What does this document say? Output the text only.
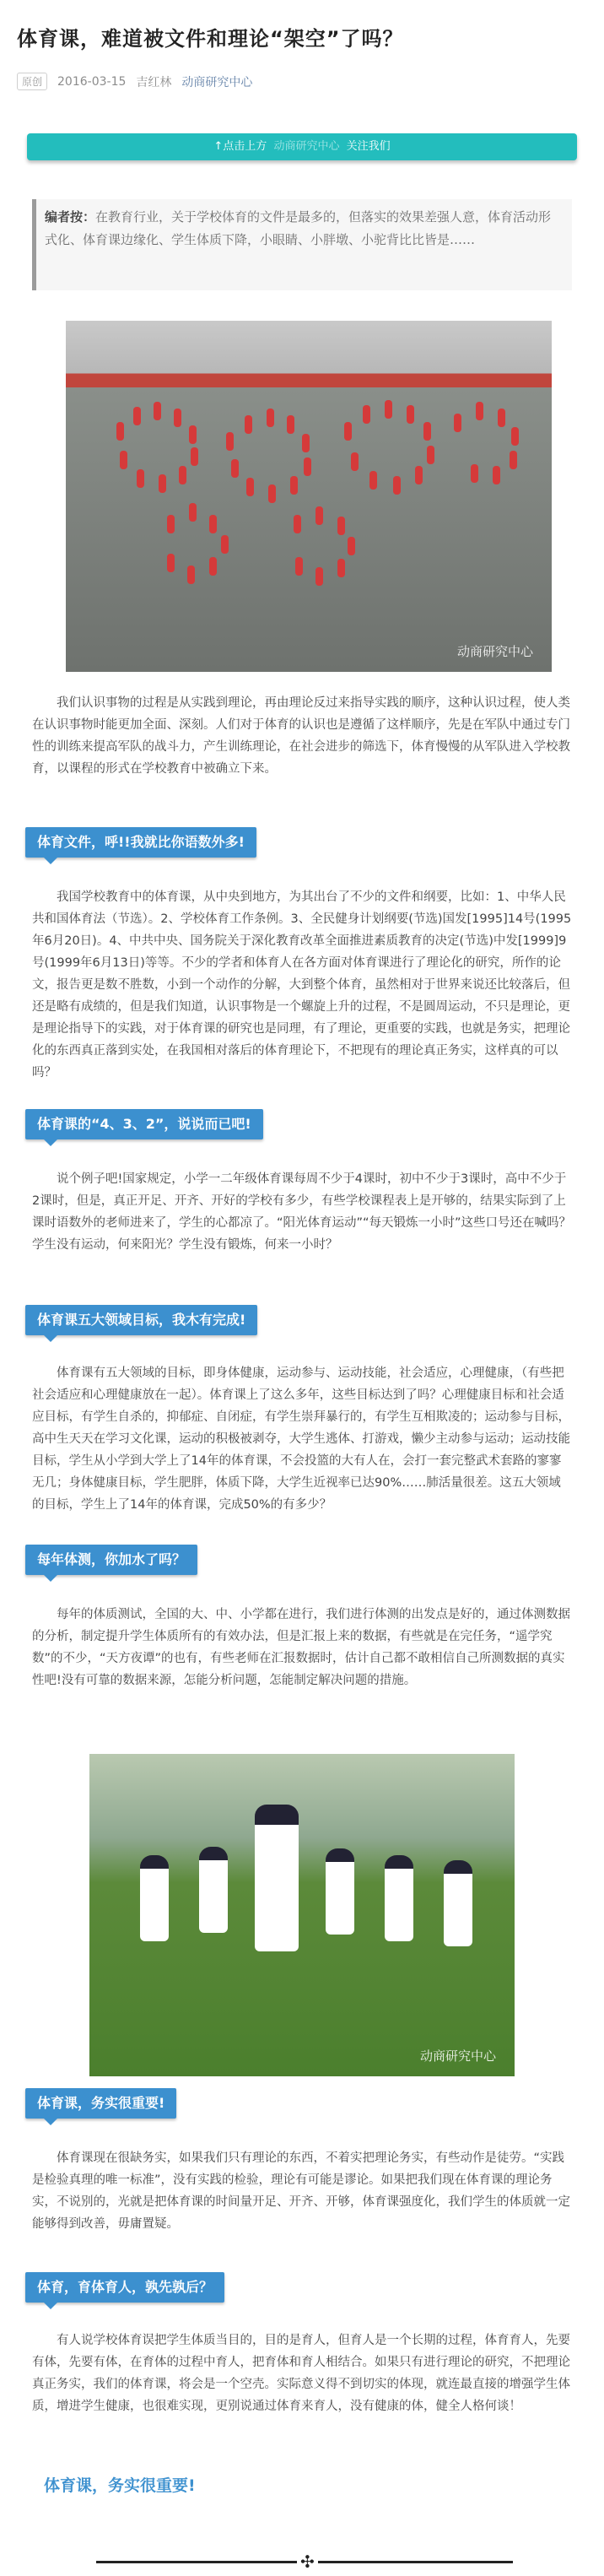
体育课，难道被文件和理论“架空”了吗？
原创	2016-03-15 吉红林 动商研究中心
↑点击上方 动商研究中心 关注我们
编者按：在教育行业，关于学校体育的文件是最多的，但落实的效果差强人意，体育活动形式化、体育课边缘化、学生体质下降，小眼睛、小胖墩、小驼背比比皆是……
动商研究中心
我们认识事物的过程是从实践到理论，再由理论反过来指导实践的顺序，这种认识过程，使人类在认识事物时能更加全面、深刻。人们对于体育的认识也是遵循了这样顺序，先是在军队中通过专门性的训练来提高军队的战斗力，产生训练理论，在社会进步的筛选下，体育慢慢的从军队进入学校教育，以课程的形式在学校教育中被确立下来。
体育文件，呼!!我就比你语数外多!
我国学校教育中的体育课，从中央到地方，为其出台了不少的文件和纲要，比如：1、中华人民共和国体育法（节选）。2、学校体育工作条例。3、全民健身计划纲要(节选)国发[1995]14号(1995年6月20日)。4、中共中央、国务院关于深化教育改革全面推进素质教育的决定(节选)中发[1999]9号(1999年6月13日)等等。不少的学者和体育人在各方面对体育课进行了理论化的研究，所作的论文，报告更是数不胜数，小到一个动作的分解，大到整个体育，虽然相对于世界来说还比较落后，但还是略有成绩的，但是我们知道，认识事物是一个螺旋上升的过程，不是圆周运动，不只是理论，更是理论指导下的实践，对于体育课的研究也是同理，有了理论，更重要的实践，也就是务实，把理论化的东西真正落到实处，在我国相对落后的体育理论下，不把现有的理论真正务实，这样真的可以吗？
体育课的“4、3、2”，说说而已吧!
说个例子吧!国家规定，小学一二年级体育课每周不少于4课时，初中不少于3课时，高中不少于2课时，但是，真正开足、开齐、开好的学校有多少，有些学校课程表上是开够的，结果实际到了上课时语数外的老师进来了，学生的心都凉了。“阳光体育运动”“每天锻炼一小时”这些口号还在喊吗？学生没有运动，何来阳光？学生没有锻炼，何来一小时？
体育课五大领域目标，我木有完成!
体育课有五大领域的目标，即身体健康，运动参与、运动技能，社会适应，心理健康，（有些把社会适应和心理健康放在一起）。体育课上了这么多年，这些目标达到了吗？心理健康目标和社会适应目标，有学生自杀的，抑郁症、自闭症，有学生崇拜暴行的，有学生互相欺凌的；运动参与目标，高中生天天在学习文化课，运动的积极被剥夺，大学生逃体、打游戏，懒少主动参与运动；运动技能目标，学生从小学到大学上了14年的体育课，不会投篮的大有人在，会打一套完整武术套路的寥寥无几；身体健康目标，学生肥胖，体质下降，大学生近视率已达90%……肺活量很差。这五大领域的目标，学生上了14年的体育课，完成50%的有多少？
每年体测，你加水了吗？
每年的体质测试，全国的大、中、小学都在进行，我们进行体测的出发点是好的，通过体测数据的分析，制定提升学生体质所有的有效办法，但是汇报上来的数据，有些就是在完任务，“遥学究数”的不少，“天方夜谭”的也有，有些老师在汇报数据时，估计自己都不敢相信自己所测数据的真实性吧!没有可靠的数据来源，怎能分析问题，怎能制定解决问题的措施。
动商研究中心
体育课，务实很重要!
体育课现在很缺务实，如果我们只有理论的东西，不着实把理论务实，有些动作是徒劳。“实践是检验真理的唯一标准”，没有实践的检验，理论有可能是谬论。如果把我们现在体育课的理论务实，不说别的，光就是把体育课的时间量开足、开齐、开够，体育课强度化，我们学生的体质就一定能够得到改善，毋庸置疑。
体育，育体育人，孰先孰后？
有人说学校体育误把学生体质当目的，目的是育人，但育人是一个长期的过程，体育育人，先要有体，先要有体，在育体的过程中育人，把育体和育人相结合。如果只有进行理论的研究，不把理论真正务实，我们的体育课，将会是一个空壳。实际意义得不到切实的体现，就连最直接的增强学生体质，增进学生健康，也很难实现，更别说通过体育来育人，没有健康的体，健全人格何谈！
体育课，务实很重要!
✣
